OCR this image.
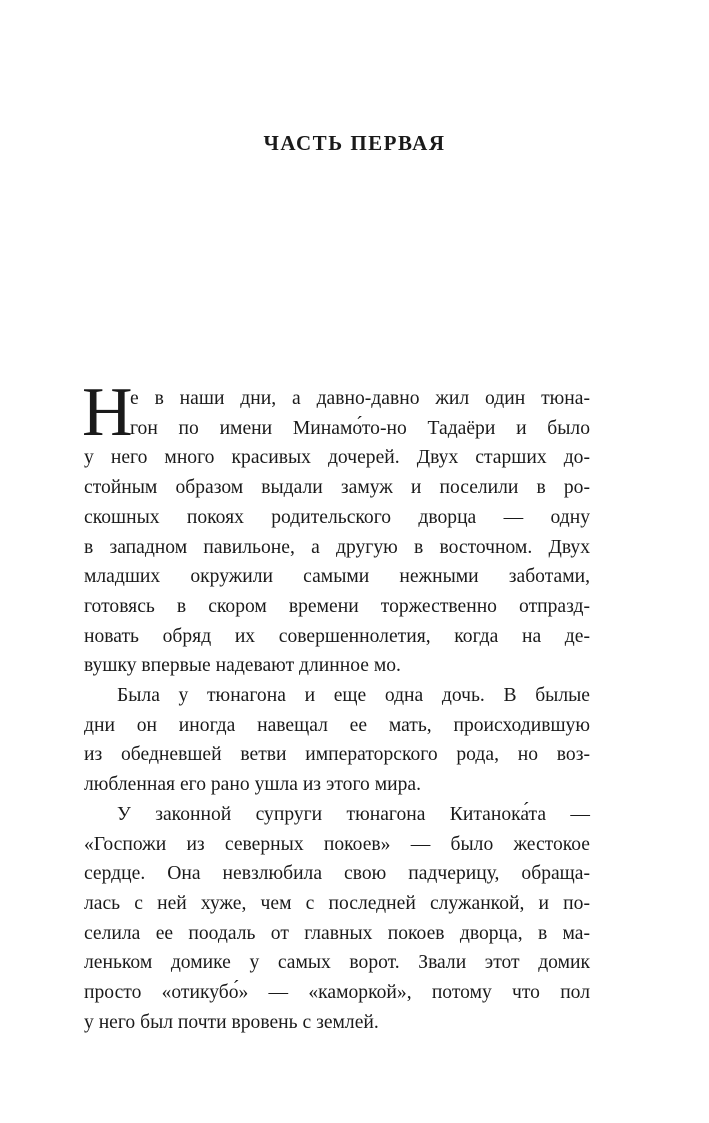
ЧАСТЬ ПЕРВАЯ

Н
е в наши дни, а давно-давно жил один тюна-
гон по имени Минамо́то-но Тадаёри и было
у него много красивых дочерей. Двух старших до-
стойным образом выдали замуж и поселили в ро-
скошных покоях родительского дворца — одну
в западном павильоне, а другую в восточном. Двух
младших окружили самыми нежными заботами,
готовясь в скором времени торжественно отпразд-
новать обряд их совершеннолетия, когда на де-
вушку впервые надевают длинное мо.

Была у тюнагона и еще одна дочь. В былые
дни он иногда навещал ее мать, происходившую
из обедневшей ветви императорского рода, но воз-
любленная его рано ушла из этого мира.

У законной супруги тюнагона Китанока́та —
«Госпожи из северных покоев» — было жестокое
сердце. Она невзлюбила свою падчерицу, обраща-
лась с ней хуже, чем с последней служанкой, и по-
селила ее поодаль от главных покоев дворца, в ма-
леньком домике у самых ворот. Звали этот домик
просто «отикубо́» — «каморкой», потому что пол
у него был почти вровень с землей.
